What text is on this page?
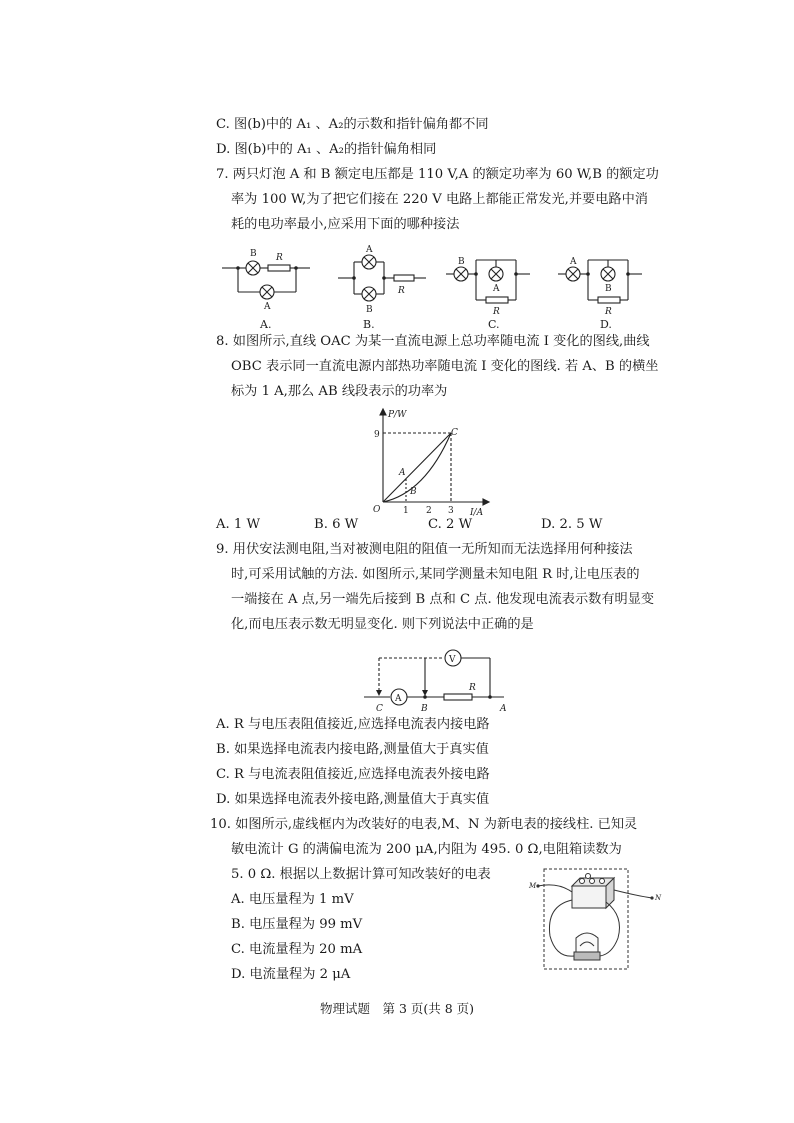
C. 图(b)中的 A₁ 、A₂的示数和指针偏角都不同
D. 图(b)中的 A₁ 、A₂的指针偏角相同
7. 两只灯泡 A 和 B 额定电压都是 110 V,A 的额定功率为 60 W,B 的额定功
率为 100 W,为了把它们接在 220 V 电路上都能正常发光,并要电路中消
耗的电功率最小,应采用下面的哪种接法
B R
A
A
B
R
B
A
R
A
B
R
A.	B.	C.	D.
8. 如图所示,直线 OAC 为某一直流电源上总功率随电流 I 变化的图线,曲线
OBC 表示同一直流电源内部热功率随电流 I 变化的图线. 若 A、B 的横坐
标为 1 A,那么 AB 线段表示的功率为
P/W
I/A
O
9
1 2 3
A
B
C
A. 1 W	B. 6 W	C. 2 W	D. 2. 5 W
9. 用伏安法测电阻,当对被测电阻的阻值一无所知而无法选择用何种接法
时,可采用试触的方法. 如图所示,某同学测量未知电阻 R 时,让电压表的
一端接在 A 点,另一端先后接到 B 点和 C 点. 他发现电流表示数有明显变
化,而电压表示数无明显变化. 则下列说法中正确的是
A
V
R
C	B	A
A. R 与电压表阻值接近,应选择电流表内接电路
B. 如果选择电流表内接电路,测量值大于真实值
C. R 与电流表阻值接近,应选择电流表外接电路
D. 如果选择电流表外接电路,测量值大于真实值
10. 如图所示,虚线框内为改装好的电表,M、N 为新电表的接线柱. 已知灵
敏电流计 G 的满偏电流为 200 μA,内阻为 495. 0 Ω,电阻箱读数为
5. 0 Ω. 根据以上数据计算可知改装好的电表
A. 电压量程为 1 mV
B. 电压量程为 99 mV
C. 电流量程为 20 mA
D. 电流量程为 2 μA
M
N
物理试题　第 3 页(共 8 页)
